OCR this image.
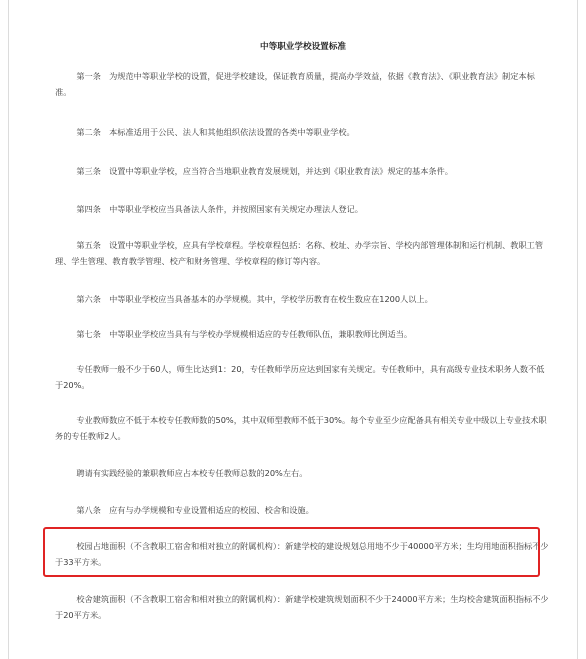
中等职业学校设置标准
第一条　为规范中等职业学校的设置，促进学校建设，保证教育质量，提高办学效益，依据《教育法》、《职业教育法》制定本标准。
第二条　本标准适用于公民、法人和其他组织依法设置的各类中等职业学校。
第三条　设置中等职业学校，应当符合当地职业教育发展规划，并达到《职业教育法》规定的基本条件。
第四条　中等职业学校应当具备法人条件，并按照国家有关规定办理法人登记。
第五条　设置中等职业学校，应具有学校章程。学校章程包括：名称、校址、办学宗旨、学校内部管理体制和运行机制、教职工管理、学生管理、教育教学管理、校产和财务管理、学校章程的修订等内容。
第六条　中等职业学校应当具备基本的办学规模。其中，学校学历教育在校生数应在1200人以上。
第七条　中等职业学校应当具有与学校办学规模相适应的专任教师队伍，兼职教师比例适当。
专任教师一般不少于60人，师生比达到1：20，专任教师学历应达到国家有关规定。专任教师中，具有高级专业技术职务人数不低于20%。
专业教师数应不低于本校专任教师数的50%，其中双师型教师不低于30%。每个专业至少应配备具有相关专业中级以上专业技术职务的专任教师2人。
聘请有实践经验的兼职教师应占本校专任教师总数的20%左右。
第八条　应有与办学规模和专业设置相适应的校园、校舍和设施。
校园占地面积（不含教职工宿舍和相对独立的附属机构）：新建学校的建设规划总用地不少于40000平方米；生均用地面积指标不少于33平方米。
校舍建筑面积（不含教职工宿舍和相对独立的附属机构）：新建学校建筑规划面积不少于24000平方米；生均校舍建筑面积指标不少于20平方米。
